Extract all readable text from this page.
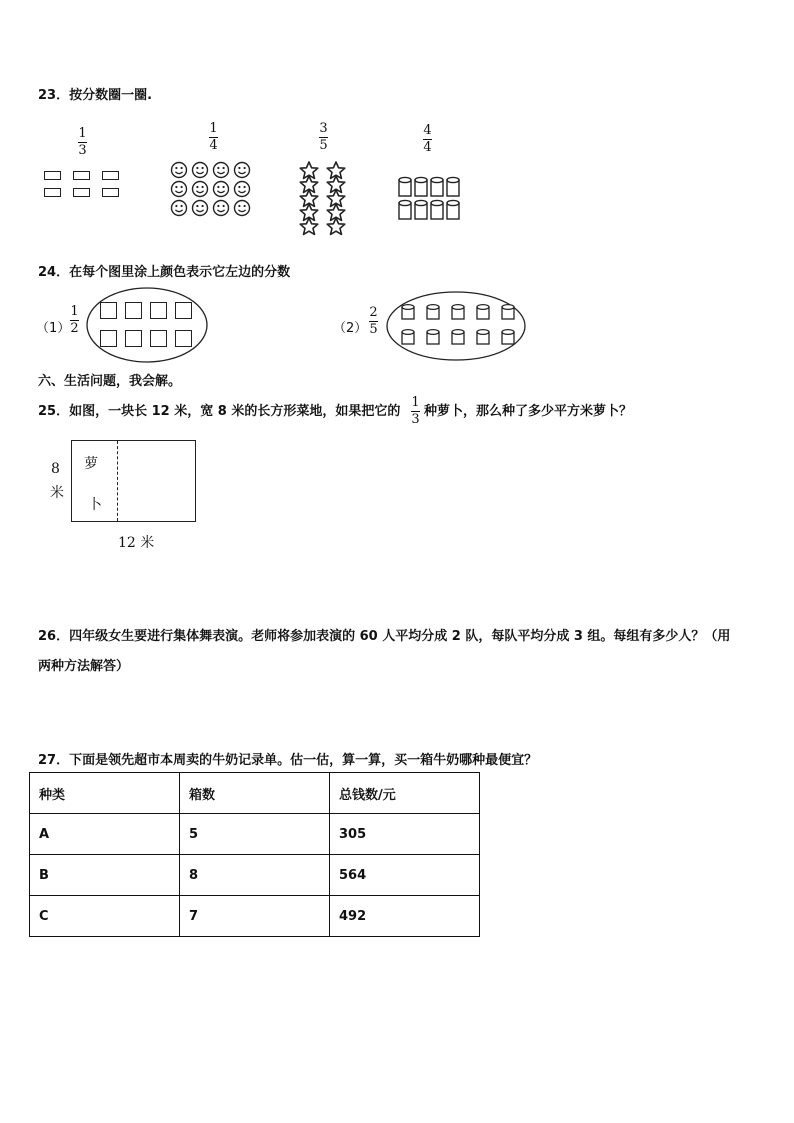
23．按分数圈一圈.
1
3
1
4
3
5
4
4
24．在每个图里涂上颜色表示它左边的分数
（1）
1
2	（2）
2
5
六、生活问题，我会解。
25．如图，一块长 12 米，宽 8 米的长方形菜地，如果把它的
1
3
种萝卜，那么种了多少平方米萝卜？
萝
卜
8
米
12 米
26．四年级女生要进行集体舞表演。老师将参加表演的 60 人平均分成 2 队，每队平均分成 3 组。每组有多少人？（用
两种方法解答）
27．下面是领先超市本周卖的牛奶记录单。估一估，算一算，买一箱牛奶哪种最便宜？
种类	箱数	总钱数/元
A	5	305
B	8	564
C	7	492
